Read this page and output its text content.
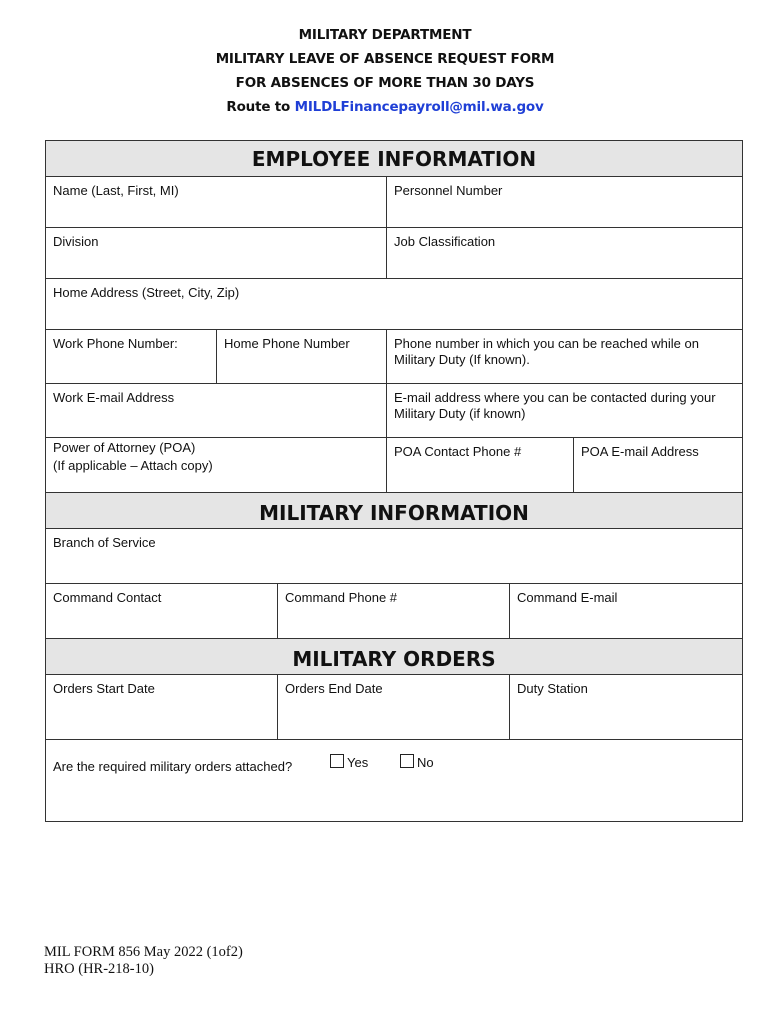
MILITARY DEPARTMENT
MILITARY LEAVE OF ABSENCE REQUEST FORM
FOR ABSENCES OF MORE THAN 30 DAYS
Route to MILDLFinancepayroll@mil.wa.gov
EMPLOYEE INFORMATION
Name (Last, First, MI)	Personnel Number
Division	Job Classification
Home Address (Street, City, Zip)
Work Phone Number:	Home Phone Number	Phone number in which you can be reached while on Military Duty (If known).
Work E-mail Address	E-mail address where you can be contacted during your Military Duty (if known)
Power of Attorney (POA)
(If applicable – Attach copy)
POA Contact Phone #	POA E-mail Address
MILITARY INFORMATION
Branch of Service
Command Contact	Command Phone #	Command E-mail
MILITARY ORDERS
Orders Start Date	Orders End Date	Duty Station
Are the required military orders attached?	Yes	No
MIL FORM 856 May 2022 (1of2)
HRO (HR-218-10)
